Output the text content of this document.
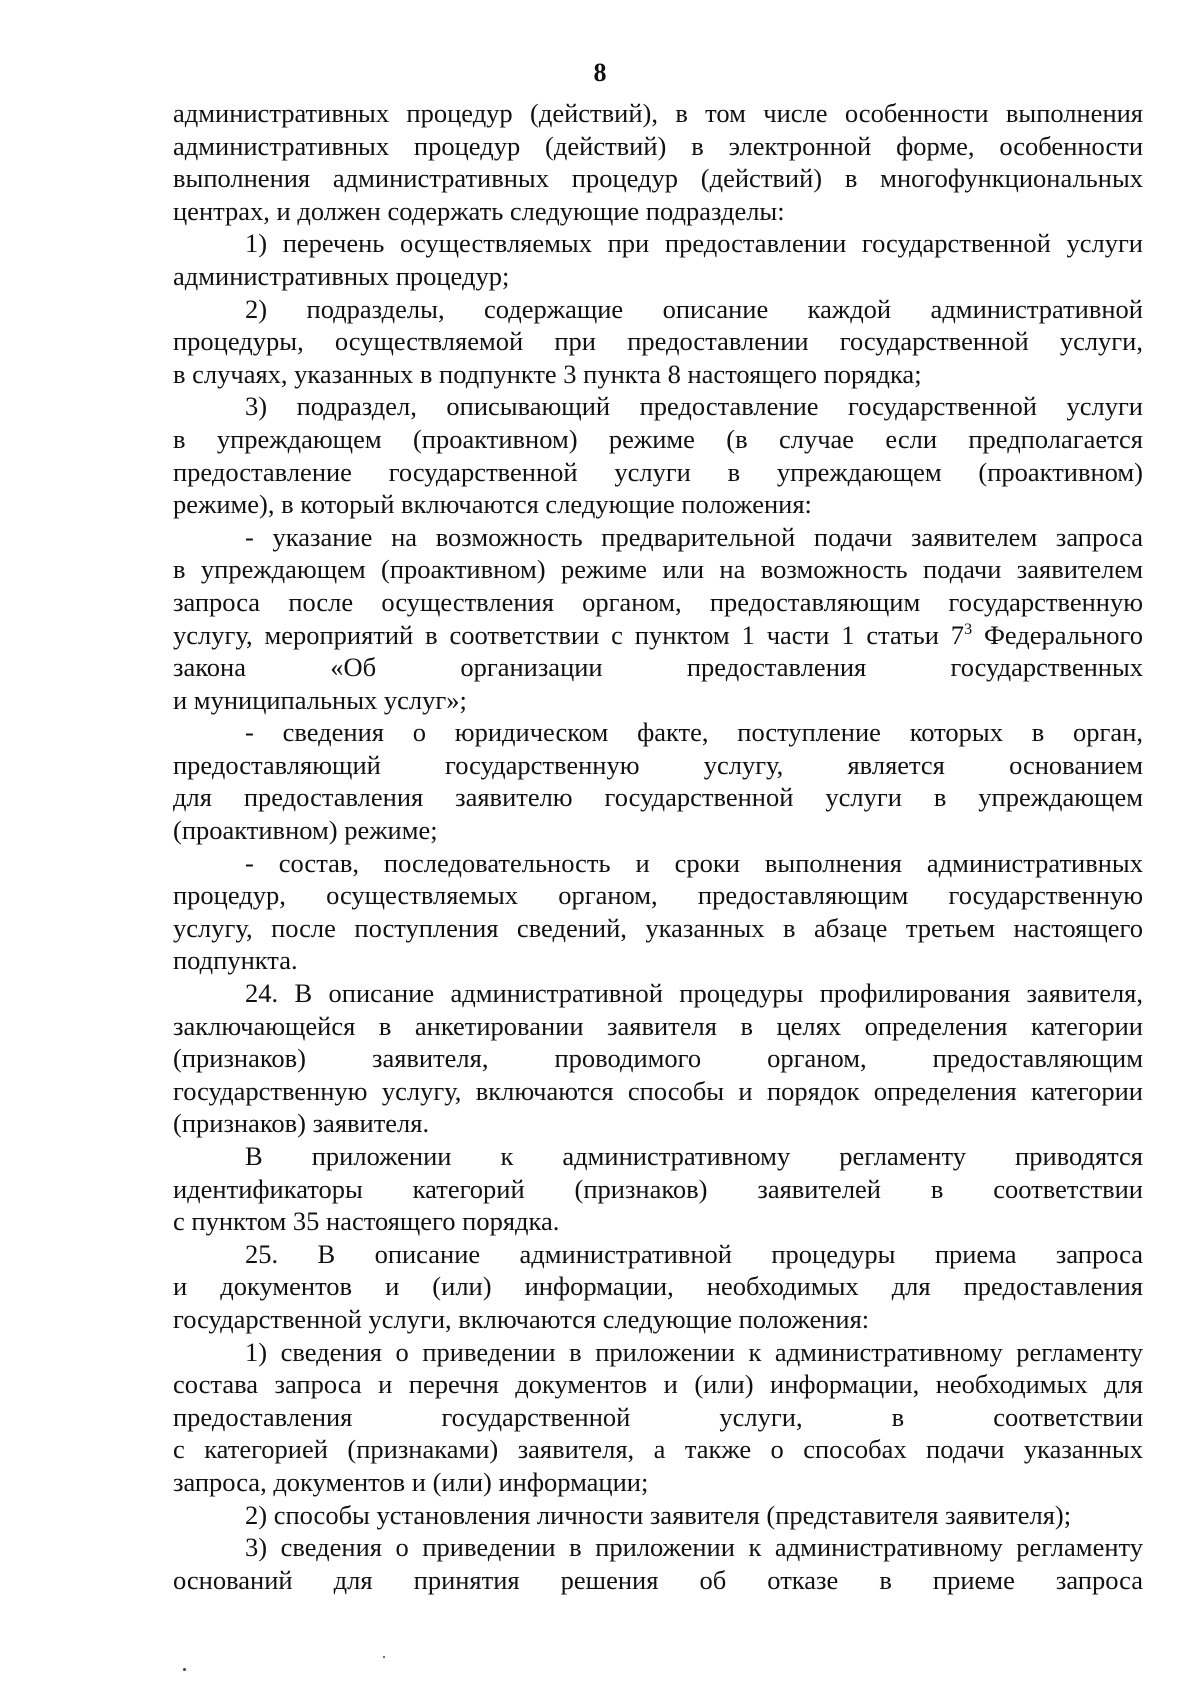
8
административных процедур (действий), в том числе особенности выполнения
административных процедур (действий) в электронной форме, особенности
выполнения административных процедур (действий) в многофункциональных
центрах, и должен содержать следующие подразделы:
1) перечень осуществляемых при предоставлении государственной услуги
административных процедур;
2) подразделы, содержащие описание каждой административной
процедуры, осуществляемой при предоставлении государственной услуги,
в случаях, указанных в подпункте 3 пункта 8 настоящего порядка;
3) подраздел, описывающий предоставление государственной услуги
в упреждающем (проактивном) режиме (в случае если предполагается
предоставление государственной услуги в упреждающем (проактивном)
режиме), в который включаются следующие положения:
- указание на возможность предварительной подачи заявителем запроса
в упреждающем (проактивном) режиме или на возможность подачи заявителем
запроса после осуществления органом, предоставляющим государственную
услугу, мероприятий в соответствии с пунктом 1 части 1 статьи $7^3$ Федерального
закона «Об организации предоставления государственных
и муниципальных услуг»;
- сведения о юридическом факте, поступление которых в орган,
предоставляющий государственную услугу, является основанием
для предоставления заявителю государственной услуги в упреждающем
(проактивном) режиме;
- состав, последовательность и сроки выполнения административных
процедур, осуществляемых органом, предоставляющим государственную
услугу, после поступления сведений, указанных в абзаце третьем настоящего
подпункта.
24. В описание административной процедуры профилирования заявителя,
заключающейся в анкетировании заявителя в целях определения категории
(признаков) заявителя, проводимого органом, предоставляющим
государственную услугу, включаются способы и порядок определения категории
(признаков) заявителя.
В приложении к административному регламенту приводятся
идентификаторы категорий (признаков) заявителей в соответствии
с пунктом 35 настоящего порядка.
25. В описание административной процедуры приема запроса
и документов и (или) информации, необходимых для предоставления
государственной услуги, включаются следующие положения:
1) сведения о приведении в приложении к административному регламенту
состава запроса и перечня документов и (или) информации, необходимых для
предоставления государственной услуги, в соответствии
с категорией (признаками) заявителя, а также о способах подачи указанных
запроса, документов и (или) информации;
2) способы установления личности заявителя (представителя заявителя);
3) сведения о приведении в приложении к административному регламенту
оснований для принятия решения об отказе в приеме запроса
